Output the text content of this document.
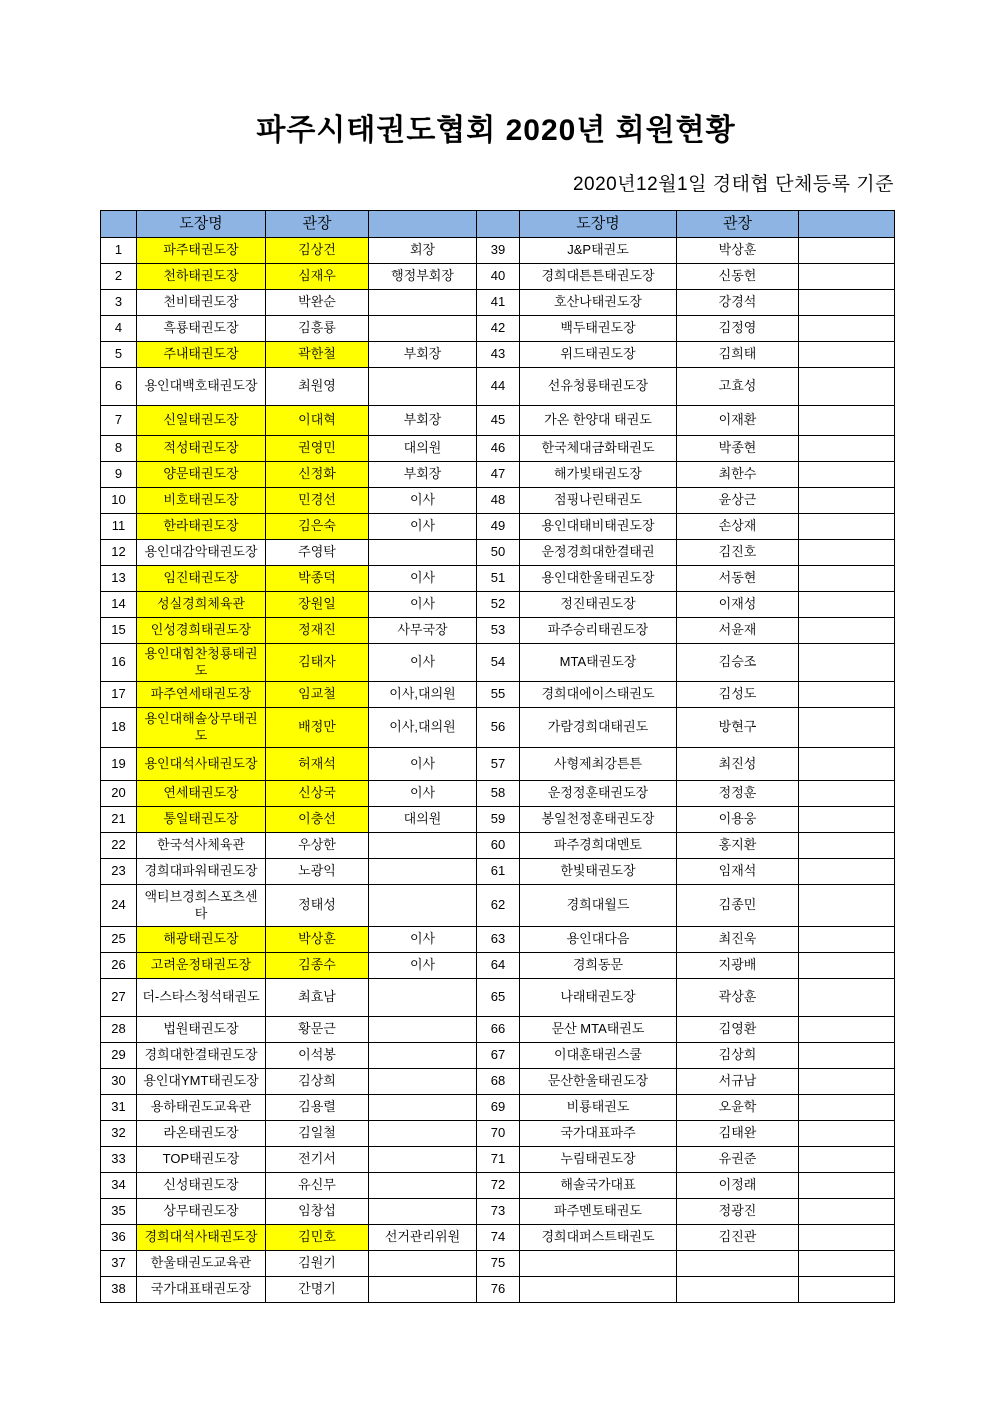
파주시태권도협회 2020년 회원현황
2020년12월1일 경태협 단체등록 기준
	도장명	관장			도장명	관장	
1	파주태권도장	김상건	회장	39	J&P태권도	박상훈	
2	천하태권도장	심재우	행정부회장	40	경희대튼튼태권도장	신동헌	
3	천비태권도장	박완순		41	호산나태권도장	강경석	
4	흑룡태권도장	김흥룡		42	백두태권도장	김정영	
5	주내태권도장	곽한철	부회장	43	위드태권도장	김희태	
6	용인대백호태권도장	최원영		44	선유청룡태권도장	고효성	
7	신일태권도장	이대혁	부회장	45	가온 한양대 태권도	이재환	
8	적성태권도장	권영민	대의원	46	한국체대금화태권도	박종현	
9	양문태권도장	신정화	부회장	47	해가빛태권도장	최한수	
10	비호태권도장	민경선	이사	48	점핑나린태권도	윤상근	
11	한라태권도장	김은숙	이사	49	용인대태비태권도장	손상재	
12	용인대감악태권도장	주영탁		50	운정경희대한결태권	김진호	
13	임진태권도장	박종덕	이사	51	용인대한울태권도장	서동현	
14	성실경희체육관	장원일	이사	52	정진태권도장	이재성	
15	인성경희태권도장	정재진	사무국장	53	파주승리태권도장	서윤재	
16	용인대힘찬청룡태권도	김태자	이사	54	MTA태권도장	김승조	
17	파주연세태권도장	임교철	이사,대의원	55	경희대에이스태권도	김성도	
18	용인대해솔상무태권도	배정만	이사,대의원	56	가람경희대태권도	방현구	
19	용인대석사태권도장	허재석	이사	57	사형제최강튼튼	최진성	
20	연세태권도장	신상국	이사	58	운정정훈태권도장	정정훈	
21	통일태권도장	이충선	대의원	59	봉일천정훈태권도장	이용웅	
22	한국석사체육관	우상한		60	파주경희대멘토	홍지환	
23	경희대파워태권도장	노광익		61	한빛태권도장	임재석	
24	액티브경희스포츠센타	정태성		62	경희대월드	김종민	
25	해광태권도장	박상훈	이사	63	용인대다음	최진욱	
26	고려운정태권도장	김종수	이사	64	경희동문	지광배	
27	더-스타스청석태권도	최효남		65	나래태권도장	곽상훈	
28	법원태권도장	황문근		66	문산 MTA태권도	김영환	
29	경희대한결태권도장	이석봉		67	이대훈태권스쿨	김상희	
30	용인대YMT태권도장	김상희		68	문산한울태권도장	서규남	
31	용하태권도교육관	김용렬		69	비룡태권도	오윤학	
32	라온태권도장	김일철		70	국가대표파주	김태완	
33	TOP태권도장	전기서		71	누림태권도장	유권준	
34	신성태권도장	유신무		72	해솔국가대표	이정래	
35	상무태권도장	임창섭		73	파주멘토태권도	정광진	
36	경희대석사태권도장	김민호	선거관리위원	74	경희대퍼스트태권도	김진관	
37	한울태권도교육관	김원기		75			
38	국가대표태권도장	간명기		76			
